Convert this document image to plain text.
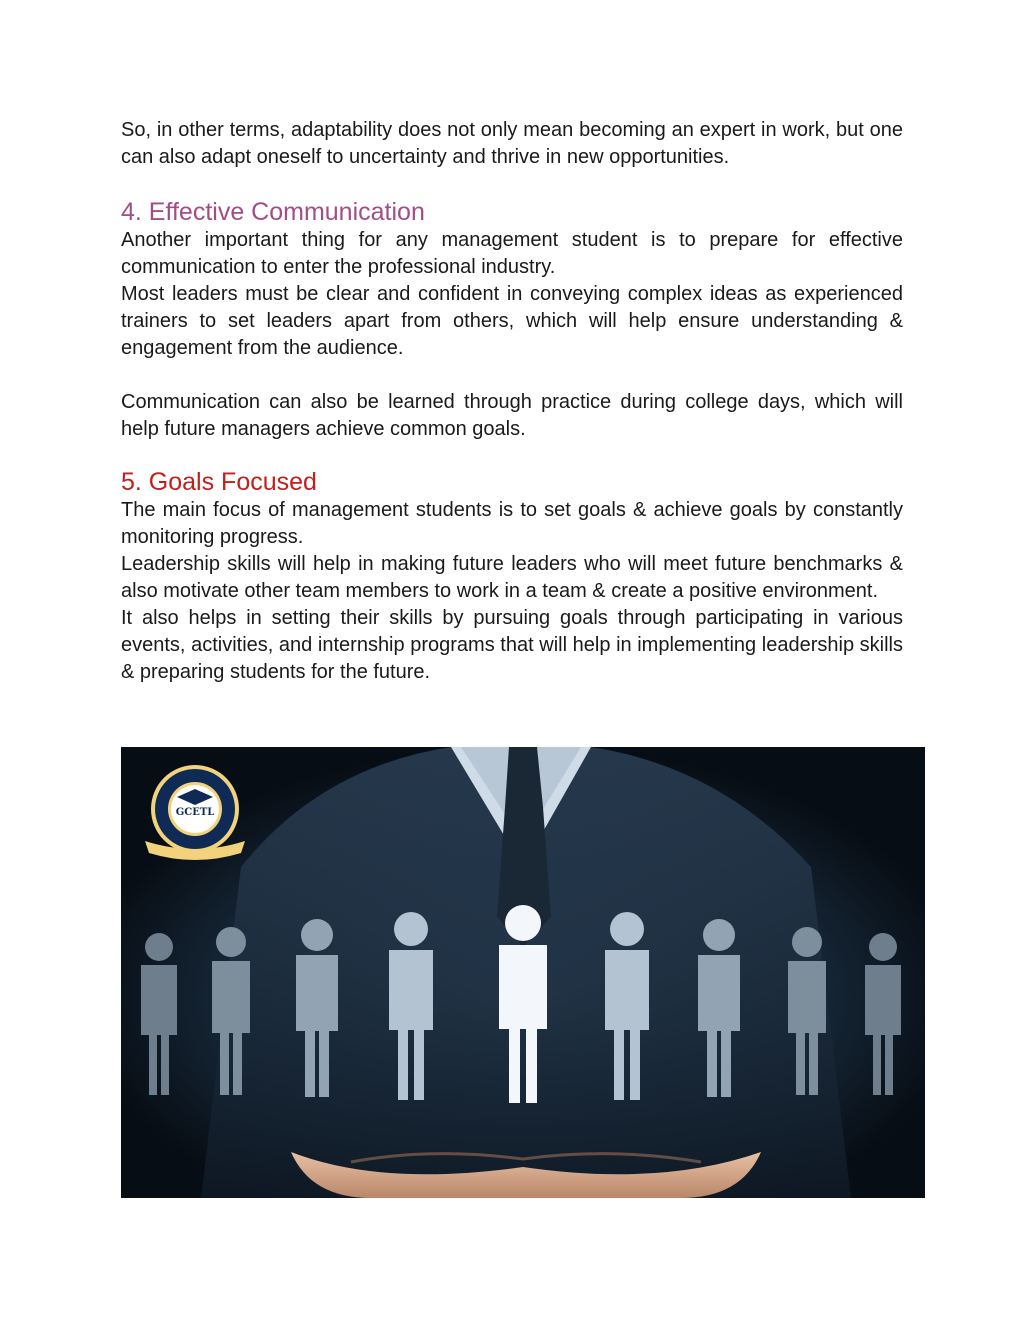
So, in other terms, adaptability does not only mean becoming an expert in work, but one can also adapt oneself to uncertainty and thrive in new opportunities.

4. Effective Communication

Another important thing for any management student is to prepare for effective communication to enter the professional industry.

Most leaders must be clear and confident in conveying complex ideas as experienced trainers to set leaders apart from others, which will help ensure understanding & engagement from the audience.

Communication can also be learned through practice during college days, which will help future managers achieve common goals.

5. Goals Focused

The main focus of management students is to set goals & achieve goals by constantly monitoring progress.

Leadership skills will help in making future leaders who will meet future benchmarks & also motivate other team members to work in a team & create a positive environment.

It also helps in setting their skills by pursuing goals through participating in various events, activities, and internship programs that will help in implementing leadership skills & preparing students for the future.

GCETL
